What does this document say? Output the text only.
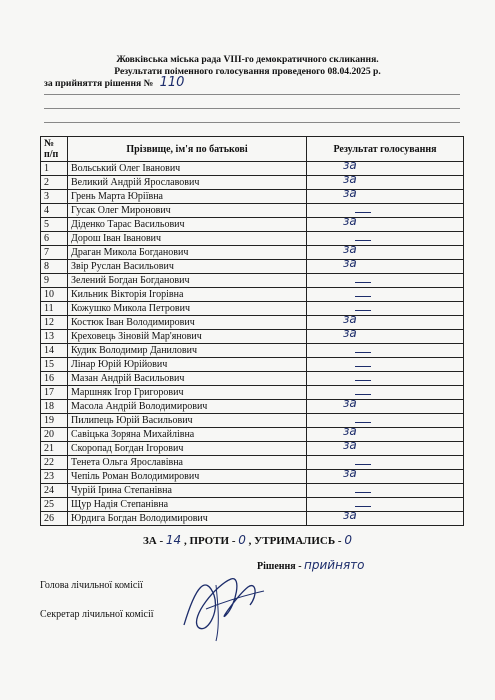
Жовківська міська рада VIII-го демократичного скликання.
Результати поіменного голосування проведеного 08.04.2025 р.
за прийняття рішення № 110
№ п/п	Прізвище, ім'я по батькові	Результат голосування
1	Вольський Олег Іванович	за

2	Великий Андрій Ярославович	за

3	Грень Марта Юріївна	за

4	Гусак Олег Миронович	

5	Діденко Тарас Васильович	за

6	Дорош Іван Іванович	

7	Драган Микола Богданович	за

8	Звір Руслан Васильович	за

9	Зелений Богдан Богданович	

10	Кильник Вікторія Ігорівна	

11	Кожушко Микола Петрович	

12	Костюк Іван Володимирович	за

13	Креховець Зіновій Мар'янович	за

14	Кудик Володимир Данилович	

15	Лінар Юрій Юрійович	

16	Мазан Андрій Васильович	

17	Маршняк Ігор Григорович	

18	Масола Андрій Володимирович	за

19	Пилипець Юрій Васильович	

20	Савіцька Зоряна Михайлівна	за

21	Скоропад Богдан Ігорович	за

22	Тенета Ольга Ярославівна	

23	Чепіль Роман Володимирович	за

24	Чурій Ірина Степанівна	

25	Щур Надія Степанівна	

26	Юрдига Богдан Володимирович	за
ЗА - 14 , ПРОТИ - 0 , УТРИМАЛИСЬ - 0
Рішення - прийнято
Голова лічильної комісії
Секретар лічильної комісії
